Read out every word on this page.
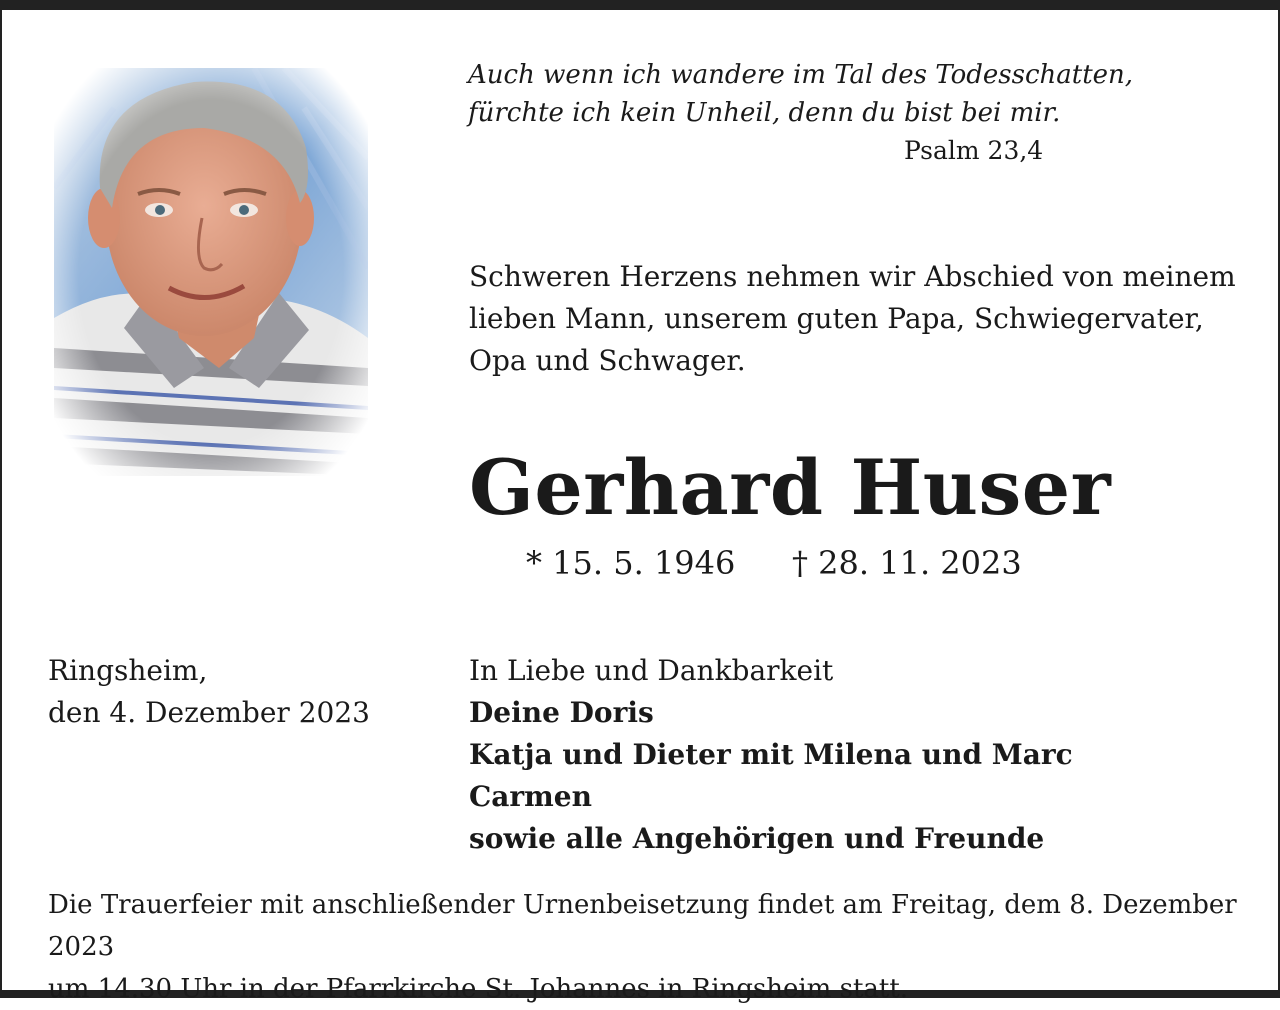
Auch wenn ich wandere im Tal des Todesschatten,
fürchte ich kein Unheil, denn du bist bei mir.
Psalm 23,4
Schweren Herzens nehmen wir Abschied von meinem
lieben Mann, unserem guten Papa, Schwiegervater,
Opa und Schwager.
Gerhard Huser
* 15. 5. 1946 † 28. 11. 2023
Ringsheim,
den 4. Dezember 2023
In Liebe und Dankbarkeit
Deine Doris
Katja und Dieter mit Milena und Marc
Carmen
sowie alle Angehörigen und Freunde
Die Trauerfeier mit anschließender Urnenbeisetzung findet am Freitag, dem 8. Dezember 2023
um 14.30 Uhr in der Pfarrkirche St. Johannes in Ringsheim statt.
